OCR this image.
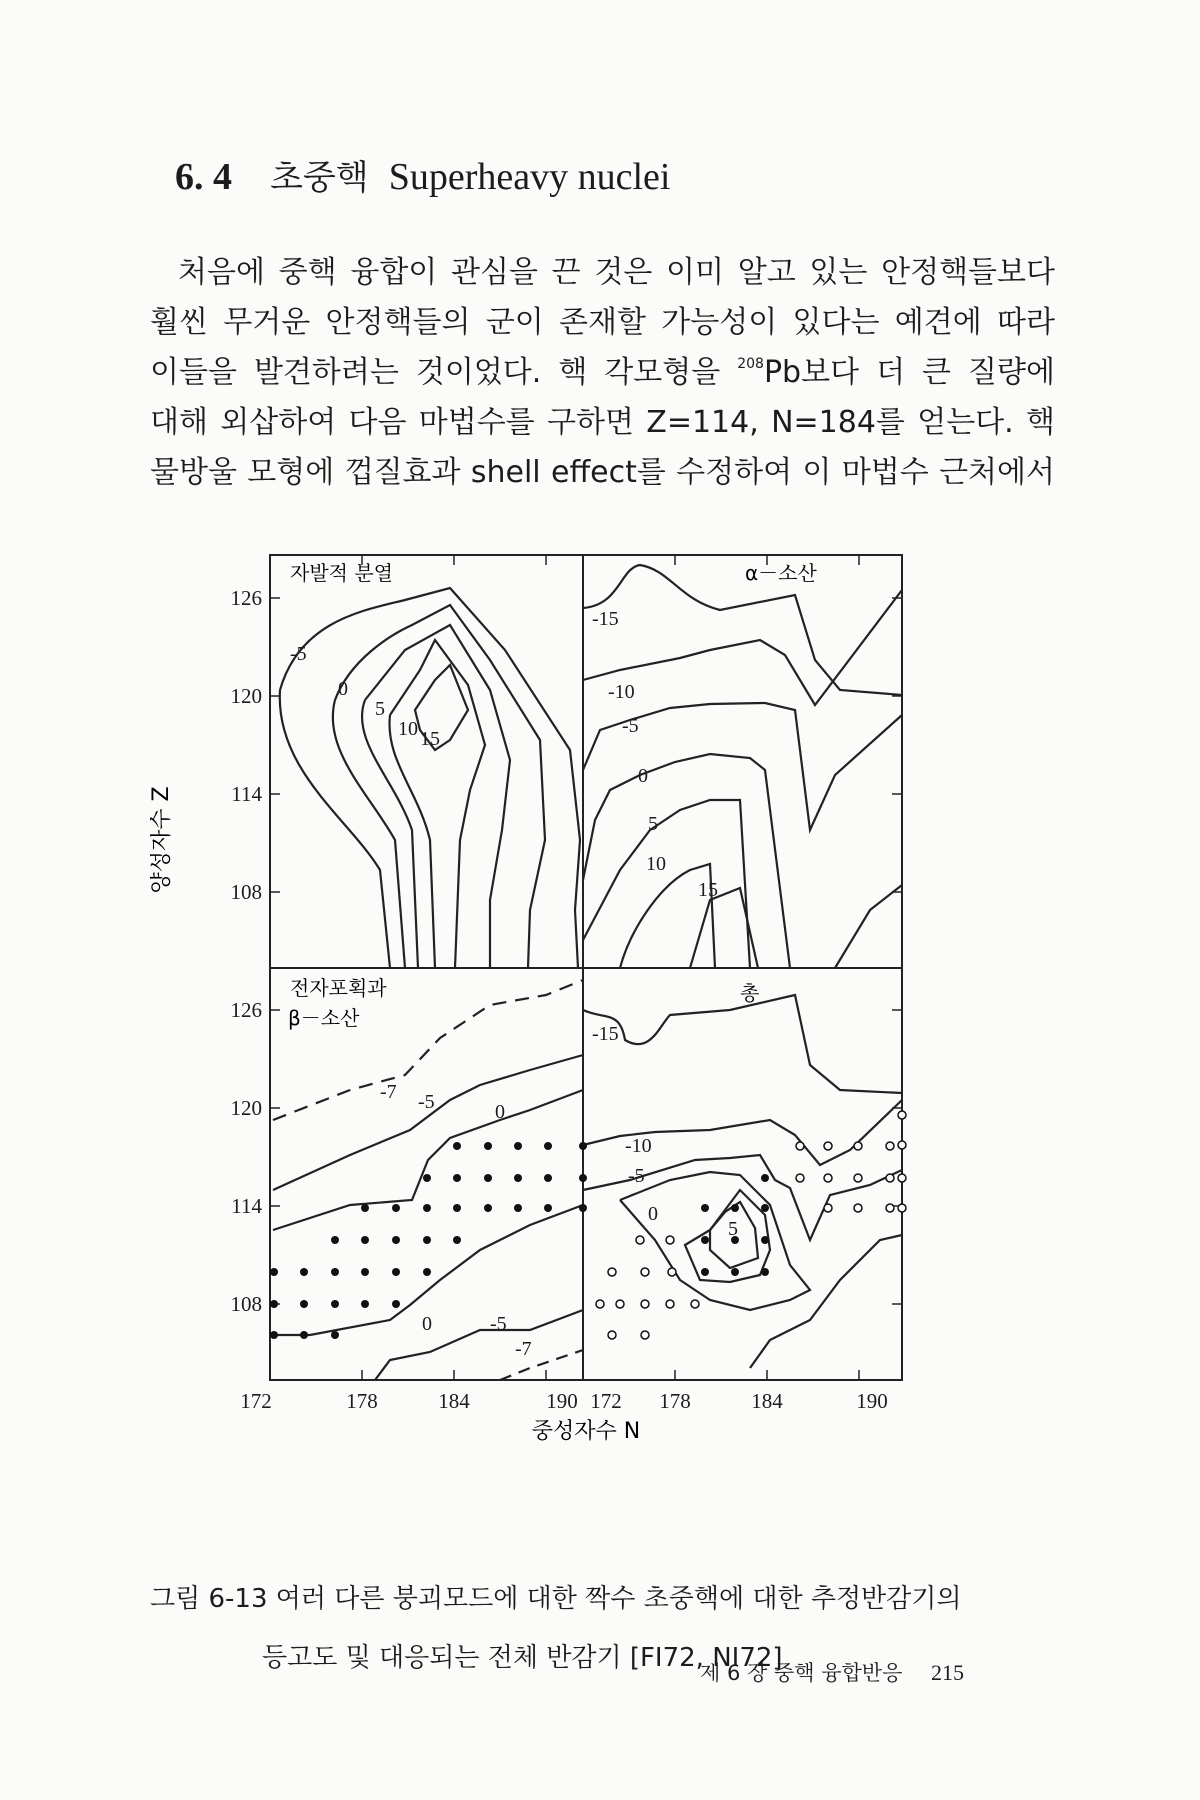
6. 4 초중핵 Superheavy nuclei

처음에 중핵 융합이 관심을 끈 것은 이미 알고 있는 안정핵들보다

훨씬 무거운 안정핵들의 군이 존재할 가능성이 있다는 예견에 따라

이들을 발견하려는 것이었다. 핵 각모형을 $^{208}$Pb보다 더 큰 질량에

대해 외삽하여 다음 마법수를 구하면 Z=114, N=184를 얻는다. 핵

물방울 모형에 껍질효과 shell effect를 수정하여 이 마법수 근처에서

126
120
114
108
126
120
114
108
172	178	184	190 172 178	184	190
양성자수 Z
중성자수 N
자발적 분열	α－소산
전자포획과
β－소산
총
-5
0
5
10 15
-15
-10
-5
0
5
10
15
-7 -5	0
0	-5
-7
-15
-10
-5
0
5
그림 6-13 여러 다른 붕괴모드에 대한 짝수 초중핵에 대한 추정반감기의
등고도 및 대응되는 전체 반감기 [FI72, NI72]
제 6 장 중핵 융합반응 215
